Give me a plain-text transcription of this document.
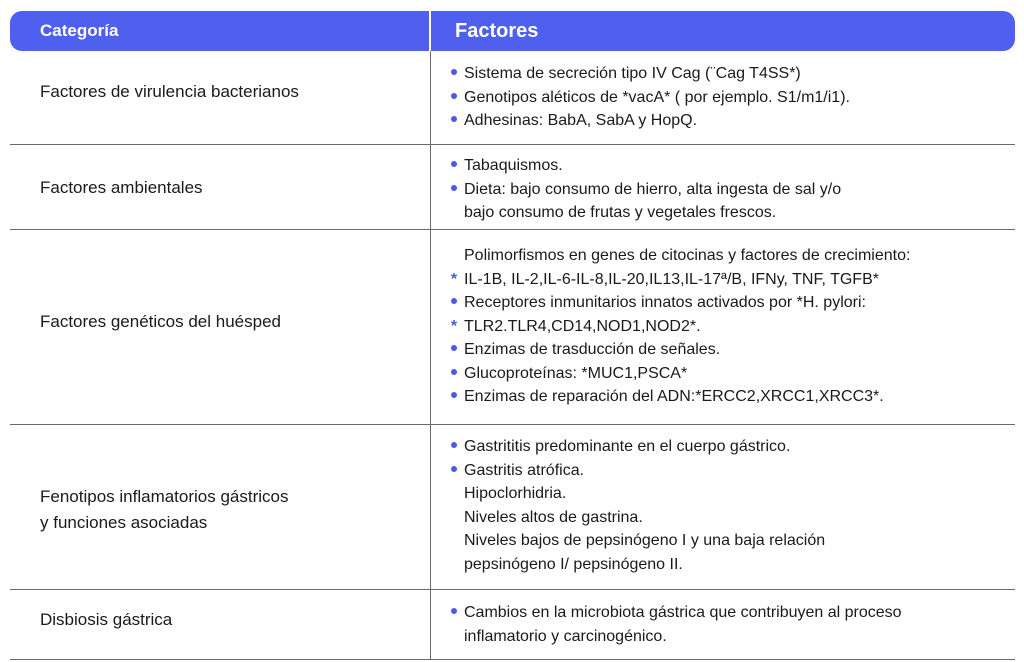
Categoría	Factores
Factores de virulencia bacterianos
Sistema de secreción tipo IV Cag (¨Cag T4SS*)
Genotipos aléticos de *vacA* ( por ejemplo. S1/m1/i1).
Adhesinas: BabA, SabA y HopQ.
Factores ambientales
Tabaquismos.
Dieta: bajo consumo de hierro, alta ingesta de sal y/o
bajo consumo de frutas y vegetales frescos.
Factores genéticos del huésped
Polimorfismos en genes de citocinas y factores de crecimiento:
* IL-1B, IL-2,IL-6-IL-8,IL-20,IL13,IL-17ª/B, IFNy, TNF, TGFB*
Receptores inmunitarios innatos activados por *H. pylori:
* TLR2.TLR4,CD14,NOD1,NOD2*.
Enzimas de trasducción de señales.
Glucoproteínas: *MUC1,PSCA*
Enzimas de reparación del ADN:*ERCC2,XRCC1,XRCC3*.
Fenotipos inflamatorios gástricos
y funciones asociadas
Gastrititis predominante en el cuerpo gástrico.
Gastritis atrófica.
Hipoclorhidria.
Niveles altos de gastrina.
Niveles bajos de pepsinógeno I y una baja relación
pepsinógeno I/ pepsinógeno II.
Disbiosis gástrica	Cambios en la microbiota gástrica que contribuyen al proceso
inflamatorio y carcinogénico.
